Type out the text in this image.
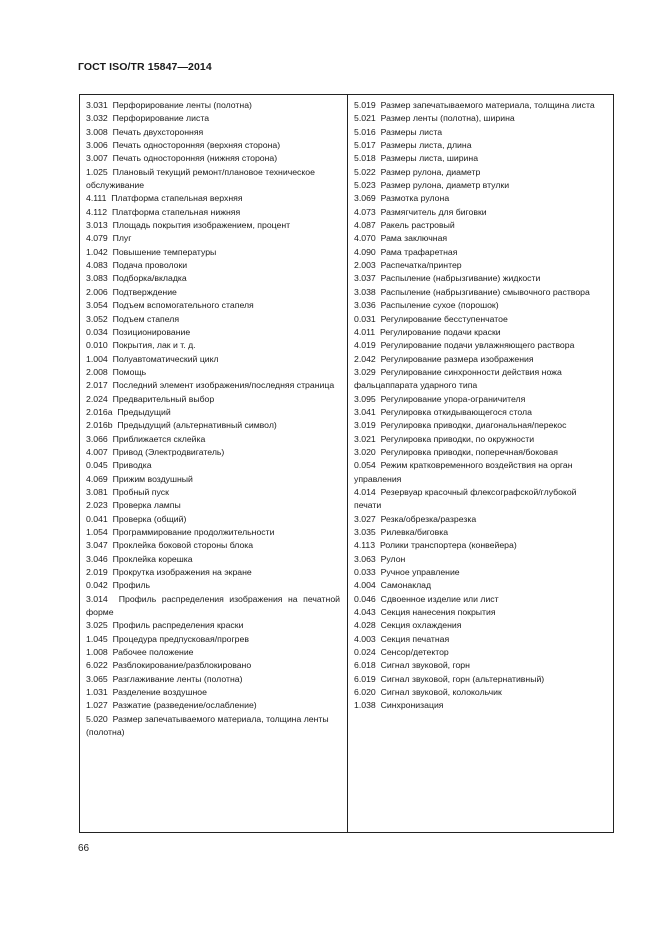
ГОСТ ISO/TR 15847—2014

3.031 Перфорирование ленты (полотна)

3.032 Перфорирование листа

3.008 Печать двухсторонняя

3.006 Печать односторонняя (верхняя сторона)

3.007 Печать односторонняя (нижняя сторона)

1.025 Плановый текущий ремонт/плановое техническое обслуживание

4.111 Платформа стапельная верхняя

4.112 Платформа стапельная нижняя

3.013 Площадь покрытия изображением, процент

4.079 Плуг

1.042 Повышение температуры

4.083 Подача проволоки

3.083 Подборка/вкладка

2.006 Подтверждение

3.054 Подъем вспомогательного стапеля

3.052 Подъем стапеля

0.034 Позиционирование

0.010 Покрытия, лак и т. д.

1.004 Полуавтоматический цикл

2.008 Помощь

2.017 Последний элемент изображения/последняя страница

2.024 Предварительный выбор

2.016a Предыдущий

2.016b Предыдущий (альтернативный символ)

3.066 Приближается склейка

4.007 Привод (Электродвигатель)

0.045 Приводка

4.069 Прижим воздушный

3.081 Пробный пуск

2.023 Проверка лампы

0.041 Проверка (общий)

1.054 Программирование продолжительности

3.047 Проклейка боковой стороны блока

3.046 Проклейка корешка

2.019 Прокрутка изображения на экране

0.042 Профиль

3.014 Профиль распределения изображения на печатной форме

3.025 Профиль распределения краски

1.045 Процедура предпусковая/прогрев

1.008 Рабочее положение

6.022 Разблокирование/разблокировано

3.065 Разглаживание ленты (полотна)

1.031 Разделение воздушное

1.027 Разжатие (разведение/ослабление)

5.020 Размер запечатываемого материала, толщина ленты (полотна)

5.019 Размер запечатываемого материала, толщина листа

5.021 Размер ленты (полотна), ширина

5.016 Размеры листа

5.017 Размеры листа, длина

5.018 Размеры листа, ширина

5.022 Размер рулона, диаметр

5.023 Размер рулона, диаметр втулки

3.069 Размотка рулона

4.073 Размягчитель для биговки

4.087 Ракель растровый

4.070 Рама заключная

4.090 Рама трафаретная

2.003 Распечатка/принтер

3.037 Распыление (набрызгивание) жидкости

3.038 Распыление (набрызгивание) смывочного раствора

3.036 Распыление сухое (порошок)

0.031 Регулирование бесступенчатое

4.011 Регулирование подачи краски

4.019 Регулирование подачи увлажняющего раствора

2.042 Регулирование размера изображения

3.029 Регулирование синхронности действия ножа фальцаппарата ударного типа

3.095 Регулирование упора-ограничителя

3.041 Регулировка откидывающегося стола

3.019 Регулировка приводки, диагональная/перекос

3.021 Регулировка приводки, по окружности

3.020 Регулировка приводки, поперечная/боковая

0.054 Режим кратковременного воздействия на орган управления

4.014 Резервуар красочный флексографской/глубокой печати

3.027 Резка/обрезка/разрезка

3.035 Рилевка/биговка

4.113 Ролики транспортера (конвейера)

3.063 Рулон

0.033 Ручное управление

4.004 Самонаклад

0.046 Сдвоенное изделие или лист

4.043 Секция нанесения покрытия

4.028 Секция охлаждения

4.003 Секция печатная

0.024 Сенсор/детектор

6.018 Сигнал звуковой, горн

6.019 Сигнал звуковой, горн (альтернативный)

6.020 Сигнал звуковой, колокольчик

1.038 Синхронизация

66
